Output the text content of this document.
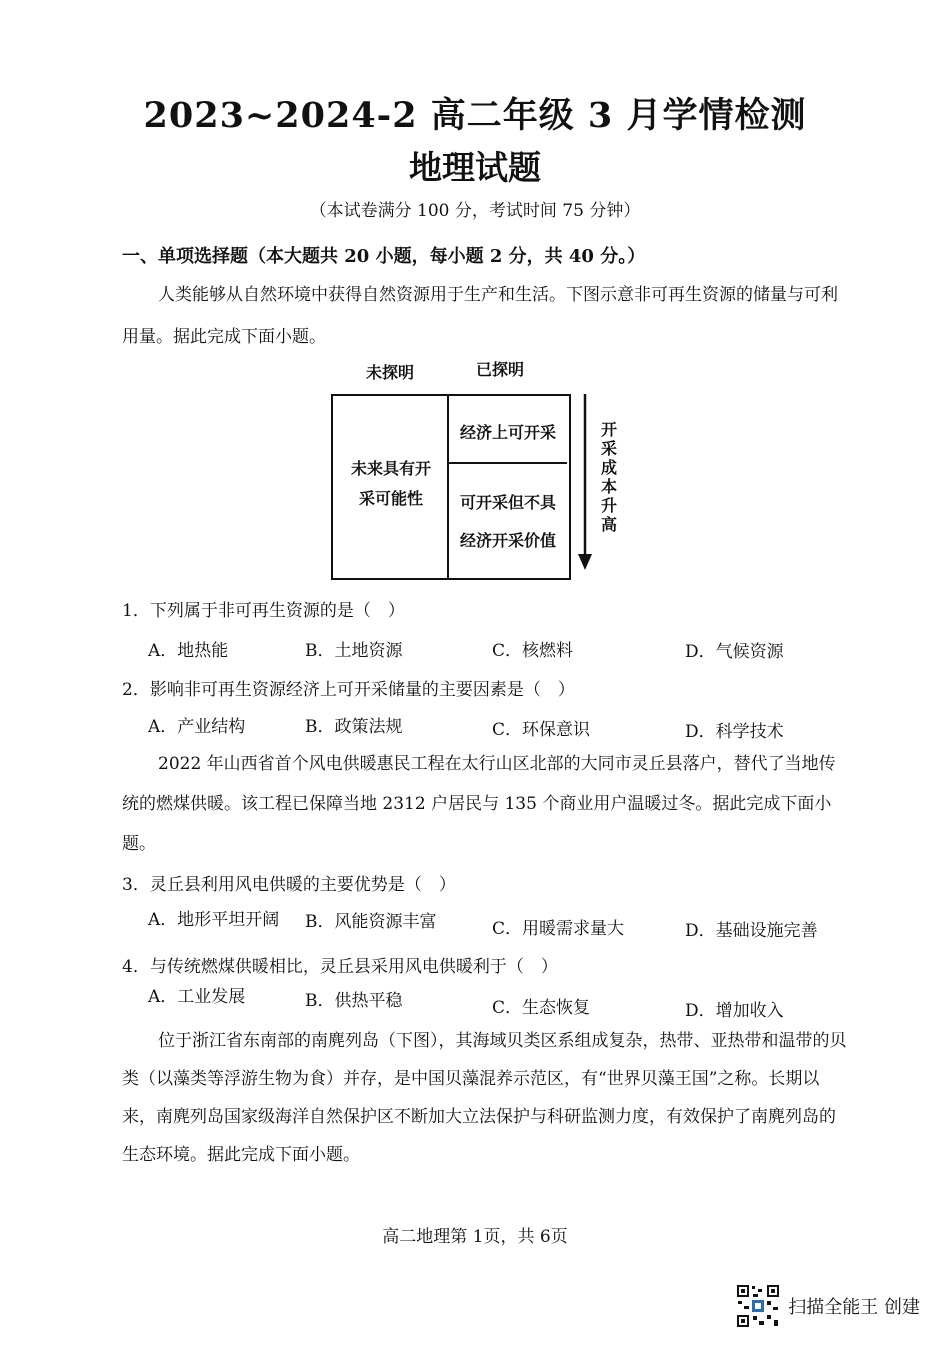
2023~2024-2 高二年级 3 月学情检测
地理试题
（本试卷满分 100 分，考试时间 75 分钟）
一、单项选择题（本大题共 20 小题，每小题 2 分，共 40 分。）
人类能够从自然环境中获得自然资源用于生产和生活。下图示意非可再生资源的储量与可利用量。据此完成下面小题。
未探明	已探明
未来具有开
采可能性
经济上可开采
可开采但不具
经济开采价值
开
采
成
本
升
高
1．下列属于非可再生资源的是（　）
A．地热能	B．土地资源	C．核燃料	D．气候资源
2．影响非可再生资源经济上可开采储量的主要因素是（　）
A．产业结构	B．政策法规	C．环保意识	D．科学技术
2022 年山西省首个风电供暖惠民工程在太行山区北部的大同市灵丘县落户，替代了当地传统的燃煤供暖。该工程已保障当地 2312 户居民与 135 个商业用户温暖过冬。据此完成下面小题。
3．灵丘县利用风电供暖的主要优势是（　）
A．地形平坦开阔 B．风能资源丰富	C．用暖需求量大	D．基础设施完善
4．与传统燃煤供暖相比，灵丘县采用风电供暖利于（　）
A．工业发展	B．供热平稳	C．生态恢复	D．增加收入
位于浙江省东南部的南麂列岛（下图），其海域贝类区系组成复杂，热带、亚热带和温带的贝类（以藻类等浮游生物为食）并存，是中国贝藻混养示范区，有“世界贝藻王国”之称。长期以来，南麂列岛国家级海洋自然保护区不断加大立法保护与科研监测力度，有效保护了南麂列岛的生态环境。据此完成下面小题。
高二地理第 1页，共 6页
扫描全能王 创建
